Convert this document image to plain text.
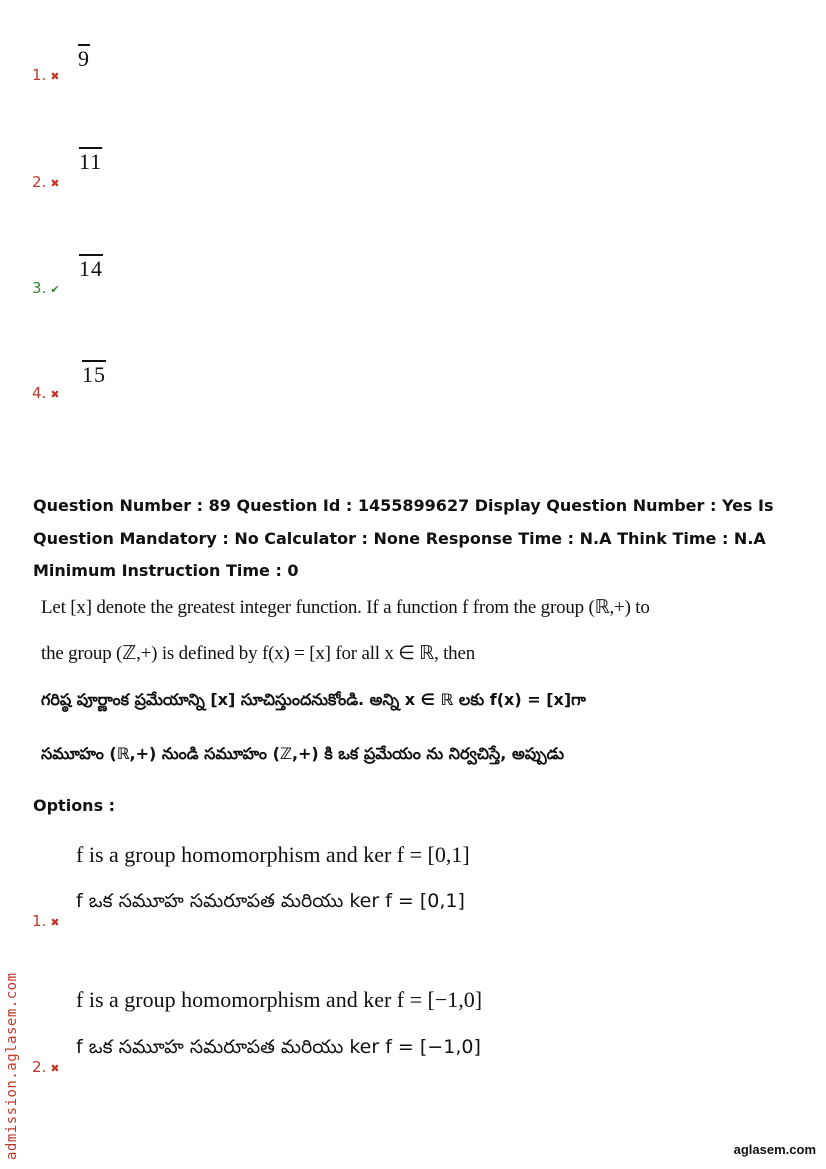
1. ✖
9
2. ✖
11
3. ✔
14
4. ✖
15
Question Number : 89 Question Id : 1455899627 Display Question Number : Yes Is Question Mandatory : No Calculator : None Response Time : N.A Think Time : N.A Minimum Instruction Time : 0
Let [x] denote the greatest integer function. If a function f from the group (ℝ,+) to
the group (ℤ,+) is defined by f(x) = [x] for all x ∈ ℝ, then
గరిష్ఠ పూర్ణాంక ప్రమేయాన్ని [x] సూచిస్తుందనుకోండి. అన్ని x ∈ ℝ లకు f(x) = [x]గా
సమూహం (ℝ,+) నుండి సమూహం (ℤ,+) కి ఒక ప్రమేయం ను నిర్వచిస్తే, అప్పుడు
Options :
f is a group homomorphism and ker f = [0,1]
f ఒక సమూహ సమరూపత మరియు ker f = [0,1]
1. ✖
f is a group homomorphism and ker f = [−1,0]
f ఒక సమూహ సమరూపత మరియు ker f = [−1,0]
2. ✖
admission.aglasem.com	aglasem.com
